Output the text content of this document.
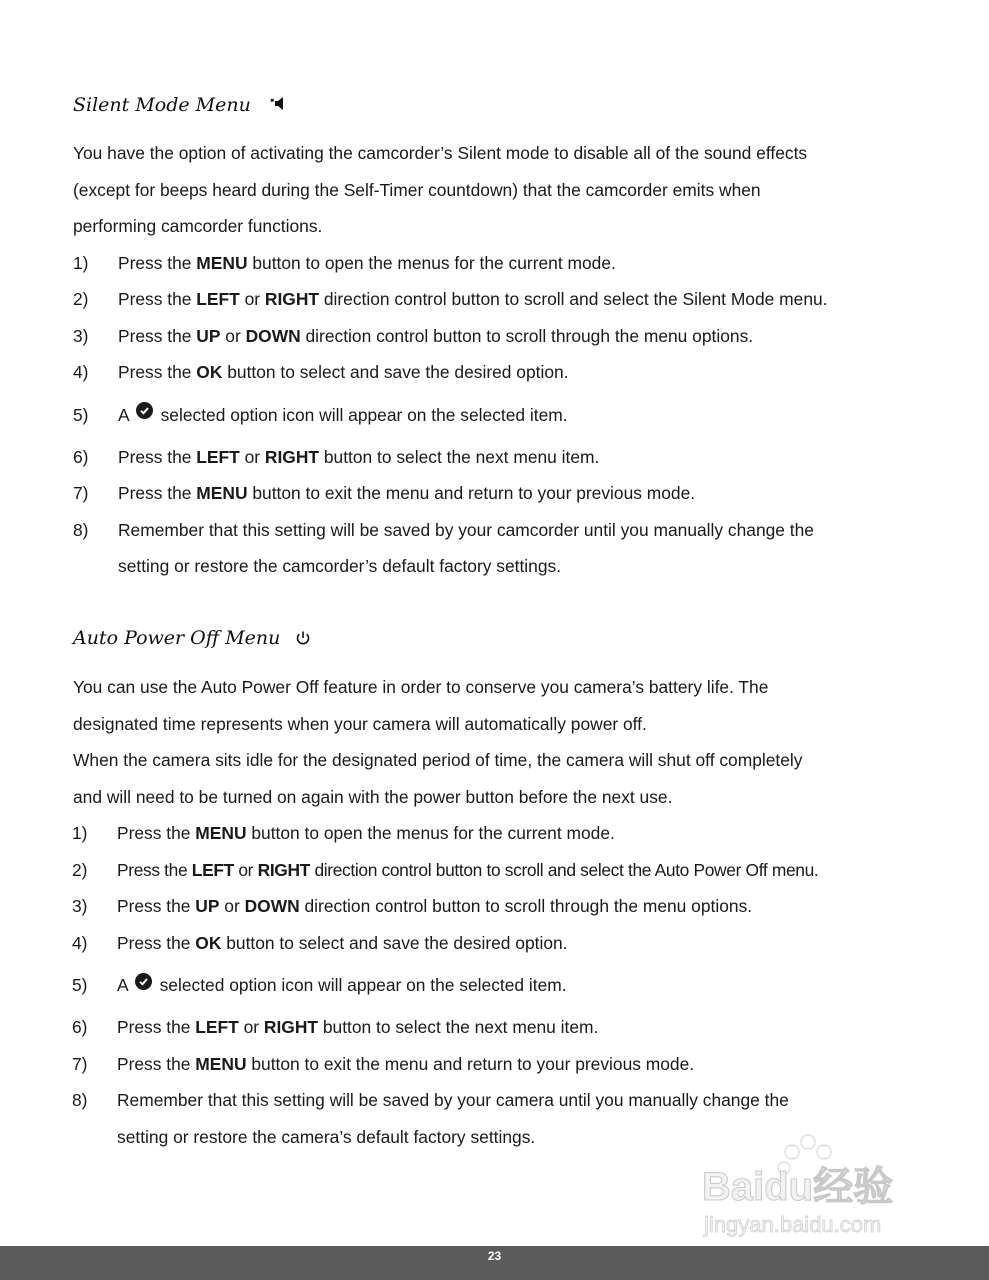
Silent Mode Menu

You have the option of activating the camcorder’s Silent mode to disable all of the sound effects

(except for beeps heard during the Self-Timer countdown) that the camcorder emits when

performing camcorder functions.

1)	Press the MENU button to open the menus for the current mode.
2)	Press the LEFT or RIGHT direction control button to scroll and select the Silent Mode menu.
3)	Press the UP or DOWN direction control button to scroll through the menu options.
4)	Press the OK button to select and save the desired option.
5)	A selected option icon will appear on the selected item.
6)	Press the LEFT or RIGHT button to select the next menu item.
7)	Press the MENU button to exit the menu and return to your previous mode.
8)	Remember that this setting will be saved by your camcorder until you manually change the
setting or restore the camcorder’s default factory settings.
Auto Power Off Menu

You can use the Auto Power Off feature in order to conserve you camera’s battery life. The

designated time represents when your camera will automatically power off.

When the camera sits idle for the designated period of time, the camera will shut off completely

and will need to be turned on again with the power button before the next use.

1)	Press the MENU button to open the menus for the current mode.
2)	Press the LEFT or RIGHT direction control button to scroll and select the Auto Power Off menu.
3)	Press the UP or DOWN direction control button to scroll through the menu options.
4)	Press the OK button to select and save the desired option.
5)	A selected option icon will appear on the selected item.
6)	Press the LEFT or RIGHT button to select the next menu item.
7)	Press the MENU button to exit the menu and return to your previous mode.
8)	Remember that this setting will be saved by your camera until you manually change the
setting or restore the camera’s default factory settings.
Baidu经验
jingyan.baidu.com
23
